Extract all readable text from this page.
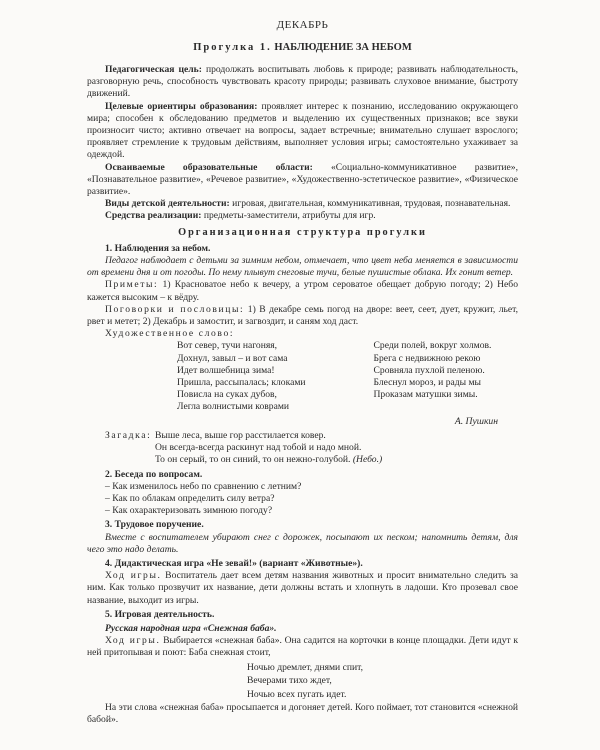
ДЕКАБРЬ
Прогулка 1. НАБЛЮДЕНИЕ ЗА НЕБОМ

Педагогическая цель: продолжать воспитывать любовь к природе; развивать наблюдательность, разговорную речь, способность чувствовать красоту природы; развивать слуховое внимание, быстроту движений.

Целевые ориентиры образования: проявляет интерес к познанию, исследованию окружающего мира; способен к обследованию предметов и выделению их существенных признаков; все звуки произносит чисто; активно отвечает на вопросы, задает встречные; внимательно слушает взрослого; проявляет стремление к трудовым действиям, выполняет условия игры; самостоятельно ухаживает за одеждой.

Осваиваемые образовательные области: «Социально-коммуникативное развитие», «Познавательное развитие», «Речевое развитие», «Художественно-эстетическое развитие», «Физическое развитие».

Виды детской деятельности: игровая, двигательная, коммуникативная, трудовая, познавательная.

Средства реализации: предметы-заместители, атрибуты для игр.

Организационная структура прогулки

1. Наблюдения за небом.

Педагог наблюдает с детьми за зимним небом, отмечает, что цвет неба меняется в зависимости от времени дня и от погоды. По нему плывут снеговые тучи, белые пушистые облака. Их гонит ветер.

Приметы: 1) Красноватое небо к вечеру, а утром сероватое обещает добрую погоду; 2) Небо кажется высоким – к вёдру.

Поговорки и пословицы: 1) В декабре семь погод на дворе: веет, сеет, дует, кружит, льет, рвет и метет; 2) Декабрь и замостит, и загвоздит, и саням ход даст.

Художественное слово:

Вот север, тучи нагоняя,
Дохнул, завыл – и вот сама
Идет волшебница зима!
Пришла, рассыпалась; клоками
Повисла на суках дубов,
Легла волнистыми коврами
Среди полей, вокруг холмов.
Брега с недвижною рекою
Сровняла пухлой пеленою.
Блеснул мороз, и рады мы
Проказам матушки зимы.
А. Пушкин
Загадка: Выше леса, выше гор расстилается ковер.
Он всегда-всегда раскинут над тобой и надо мной.
То он серый, то он синий, то он нежно-голубой. (Небо.)

2. Беседа по вопросам.

– Как изменилось небо по сравнению с летним?
– Как по облакам определить силу ветра?
– Как охарактеризовать зимнюю погоду?

3. Трудовое поручение.

Вместе с воспитателем убирают снег с дорожек, посыпают их песком; напомнить детям, для чего это надо делать.

4. Дидактическая игра «Не зевай!» (вариант «Животные»).

Ход игры. Воспитатель дает всем детям названия животных и просит внимательно следить за ним. Как только прозвучит их название, дети должны встать и хлопнуть в ладоши. Кто прозевал свое название, выходит из игры.

5. Игровая деятельность.

Русская народная игра «Снежная баба».

Ход игры. Выбирается «снежная баба». Она садится на корточки в конце площадки. Дети идут к ней притопывая и поют: Баба снежная стоит,

Ночью дремлет, днями спит,
Вечерами тихо ждет,
Ночью всех пугать идет.

На эти слова «снежная баба» просыпается и догоняет детей. Кого поймает, тот становится «снежной бабой».
